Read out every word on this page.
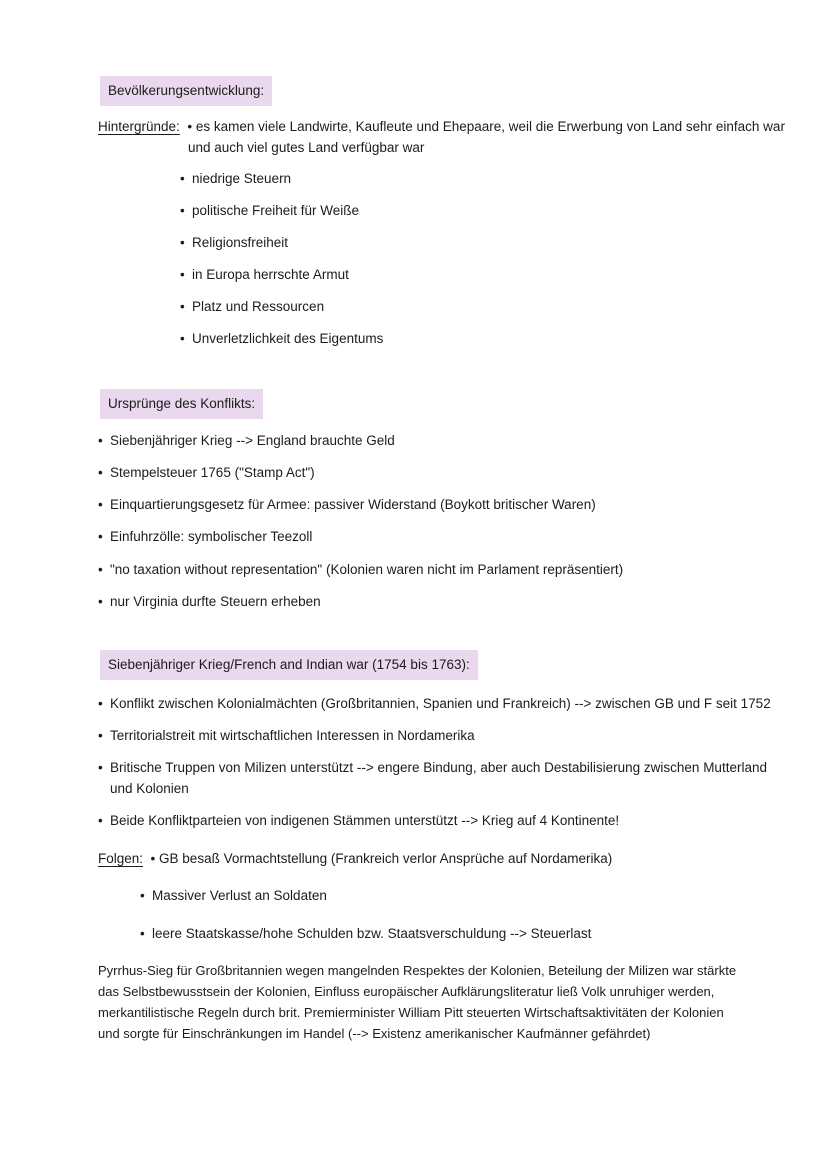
Bevölkerungsentwicklung:
Hintergründe:  • es kamen viele Landwirte, Kaufleute und Ehepaare, weil die Erwerbung von Land sehr einfach war
und auch viel gutes Land verfügbar war
• niedrige Steuern
• politische Freiheit für Weiße
• Religionsfreiheit
• in Europa herrschte Armut
• Platz und Ressourcen
• Unverletzlichkeit des Eigentums
Ursprünge des Konflikts:
• Siebenjähriger Krieg --> England brauchte Geld
• Stempelsteuer 1765 ("Stamp Act")
• Einquartierungsgesetz für Armee: passiver Widerstand (Boykott britischer Waren)
• Einfuhrzölle: symbolischer Teezoll
• "no taxation without representation" (Kolonien waren nicht im Parlament repräsentiert)
• nur Virginia durfte Steuern erheben
Siebenjähriger Krieg/French and Indian war (1754 bis 1763):
• Konflikt zwischen Kolonialmächten (Großbritannien, Spanien und Frankreich) --> zwischen GB und F seit 1752
• Territorialstreit mit wirtschaftlichen Interessen in Nordamerika
• Britische Truppen von Milizen unterstützt --> engere Bindung, aber auch Destabilisierung zwischen Mutterland
und Kolonien
• Beide Konfliktparteien von indigenen Stämmen unterstützt --> Krieg auf 4 Kontinente!
Folgen:  • GB besaß Vormachtstellung (Frankreich verlor Ansprüche auf Nordamerika)
• Massiver Verlust an Soldaten
• leere Staatskasse/hohe Schulden bzw. Staatsverschuldung --> Steuerlast
Pyrrhus-Sieg für Großbritannien wegen mangelnden Respektes der Kolonien, Beteilung der Milizen war stärkte das Selbstbewusstsein der Kolonien, Einfluss europäischer Aufklärungsliteratur ließ Volk unruhiger werden, merkantilistische Regeln durch brit. Premierminister William Pitt steuerten Wirtschaftsaktivitäten der Kolonien und sorgte für Einschränkungen im Handel (--> Existenz amerikanischer Kaufmänner gefährdet)
